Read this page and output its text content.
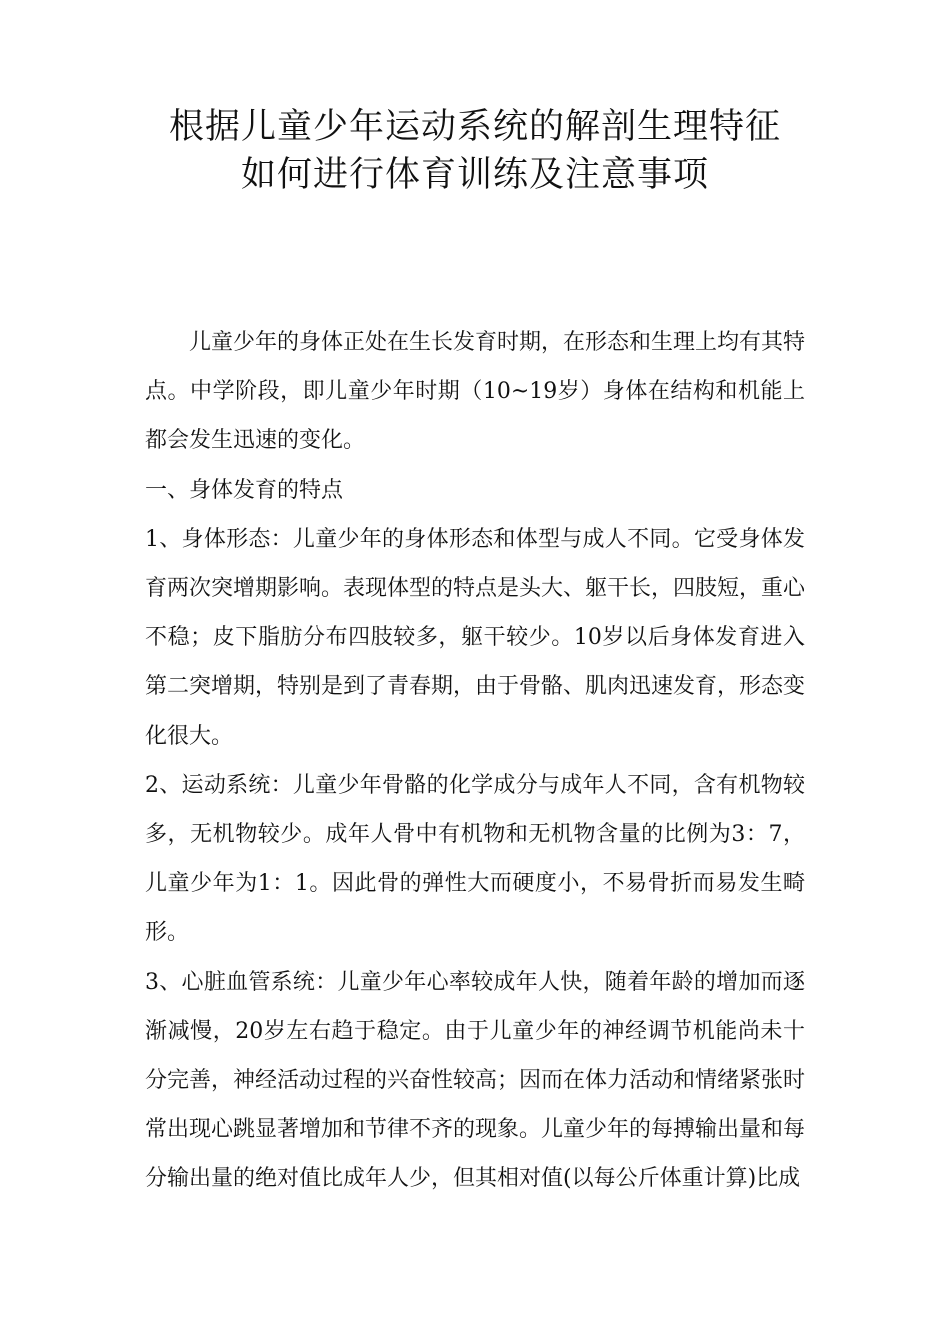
根据儿童少年运动系统的解剖生理特征
如何进行体育训练及注意事项

儿童少年的身体正处在生长发育时期，在形态和生理上均有其特点。中学阶段，即儿童少年时期（10~19岁）身体在结构和机能上都会发生迅速的变化。

一、身体发育的特点

1、身体形态：儿童少年的身体形态和体型与成人不同。它受身体发育两次突增期影响。表现体型的特点是头大、躯干长，四肢短，重心不稳；皮下脂肪分布四肢较多，躯干较少。10岁以后身体发育进入第二突增期，特别是到了青春期，由于骨骼、肌肉迅速发育，形态变化很大。

2、运动系统：儿童少年骨骼的化学成分与成年人不同，含有机物较多，无机物较少。成年人骨中有机物和无机物含量的比例为3：7，儿童少年为1：1。因此骨的弹性大而硬度小，不易骨折而易发生畸形。

3、心脏血管系统：儿童少年心率较成年人快，随着年龄的增加而逐渐减慢，20岁左右趋于稳定。由于儿童少年的神经调节机能尚未十分完善，神经活动过程的兴奋性较高；因而在体力活动和情绪紧张时常出现心跳显著增加和节律不齐的现象。儿童少年的每搏输出量和每分输出量的绝对值比成年人少，但其相对值(以每公斤体重计算)比成
